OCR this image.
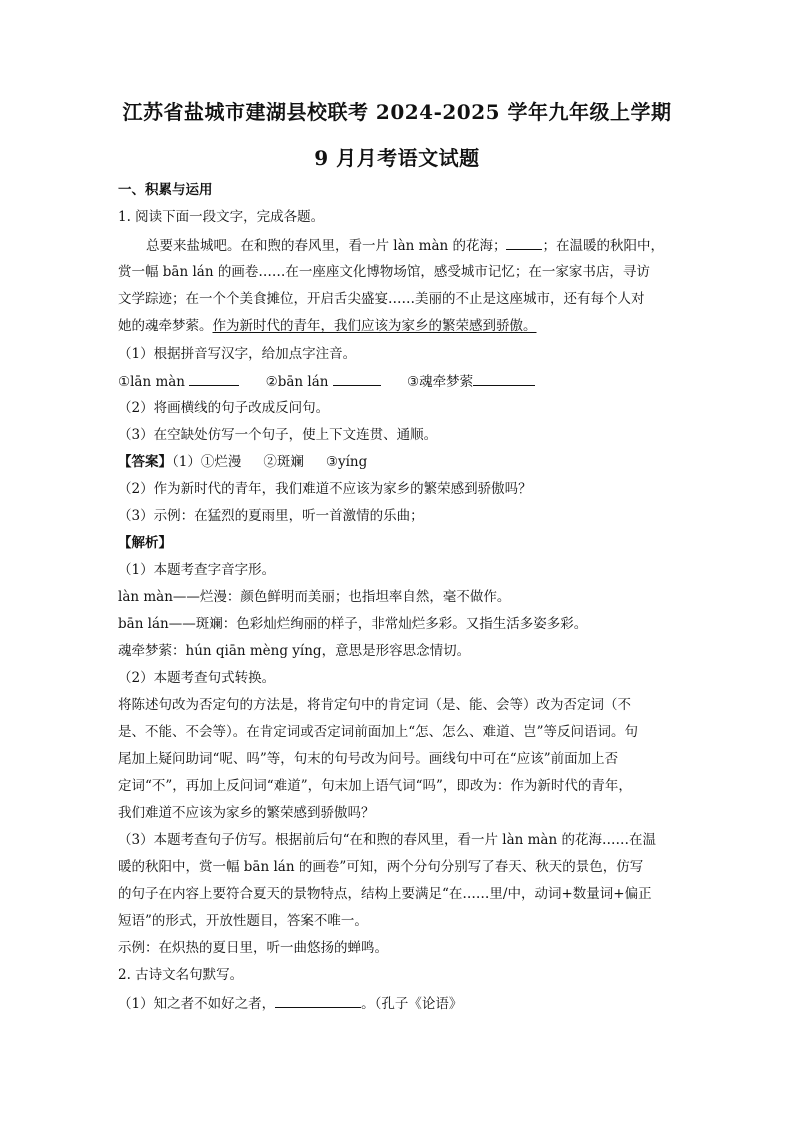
江苏省盐城市建湖县校联考 2024-2025 学年九年级上学期
9 月月考语文试题
一、积累与运用
1. 阅读下面一段文字，完成各题。
总要来盐城吧。在和煦的春风里，看一片 làn màn 的花海；	；在温暖的秋阳中，
赏一幅 bān lán 的画卷……在一座座文化博物场馆，感受城市记忆；在一家家书店，寻访
文学踪迹；在一个个美食摊位，开启舌尖盛宴……美丽的不止是这座城市，还有每个人对
她的魂牵梦萦。作为新时代的青年，我们应该为家乡的繁荣感到骄傲。
（1）根据拼音写汉字，给加点字注音。
①lān màn	②bān lán	③魂牵梦萦
（2）将画横线的句子改成反问句。
（3）在空缺处仿写一个句子，使上下文连贯、通顺。
【答案】（1）①烂漫 ②斑斓 ③yíng
（2）作为新时代的青年，我们难道不应该为家乡的繁荣感到骄傲吗？
（3）示例：在猛烈的夏雨里，听一首激情的乐曲；
【解析】
（1）本题考查字音字形。
làn màn——烂漫：颜色鲜明而美丽；也指坦率自然，毫不做作。
bān lán——斑斓：色彩灿烂绚丽的样子，非常灿烂多彩。又指生活多姿多彩。
魂牵梦萦：hún qiān mèng yíng，意思是形容思念情切。
（2）本题考查句式转换。
将陈述句改为否定句的方法是，将肯定句中的肯定词（是、能、会等）改为否定词（不
是、不能、不会等）。在肯定词或否定词前面加上“怎、怎么、难道、岂”等反问语词。句
尾加上疑问助词“呢、吗”等，句末的句号改为问号。画线句中可在“应该”前面加上否
定词“不”，再加上反问词“难道”，句末加上语气词“吗”，即改为：作为新时代的青年，
我们难道不应该为家乡的繁荣感到骄傲吗？
（3）本题考查句子仿写。根据前后句“在和煦的春风里，看一片 làn màn 的花海……在温
暖的秋阳中，赏一幅 bān lán 的画卷”可知，两个分句分别写了春天、秋天的景色，仿写
的句子在内容上要符合夏天的景物特点，结构上要满足“在……里/中，动词+数量词+偏正
短语”的形式，开放性题目，答案不唯一。
示例：在炽热的夏日里，听一曲悠扬的蝉鸣。
2. 古诗文名句默写。
（1）知之者不如好之者，	。（孔子《论语》
